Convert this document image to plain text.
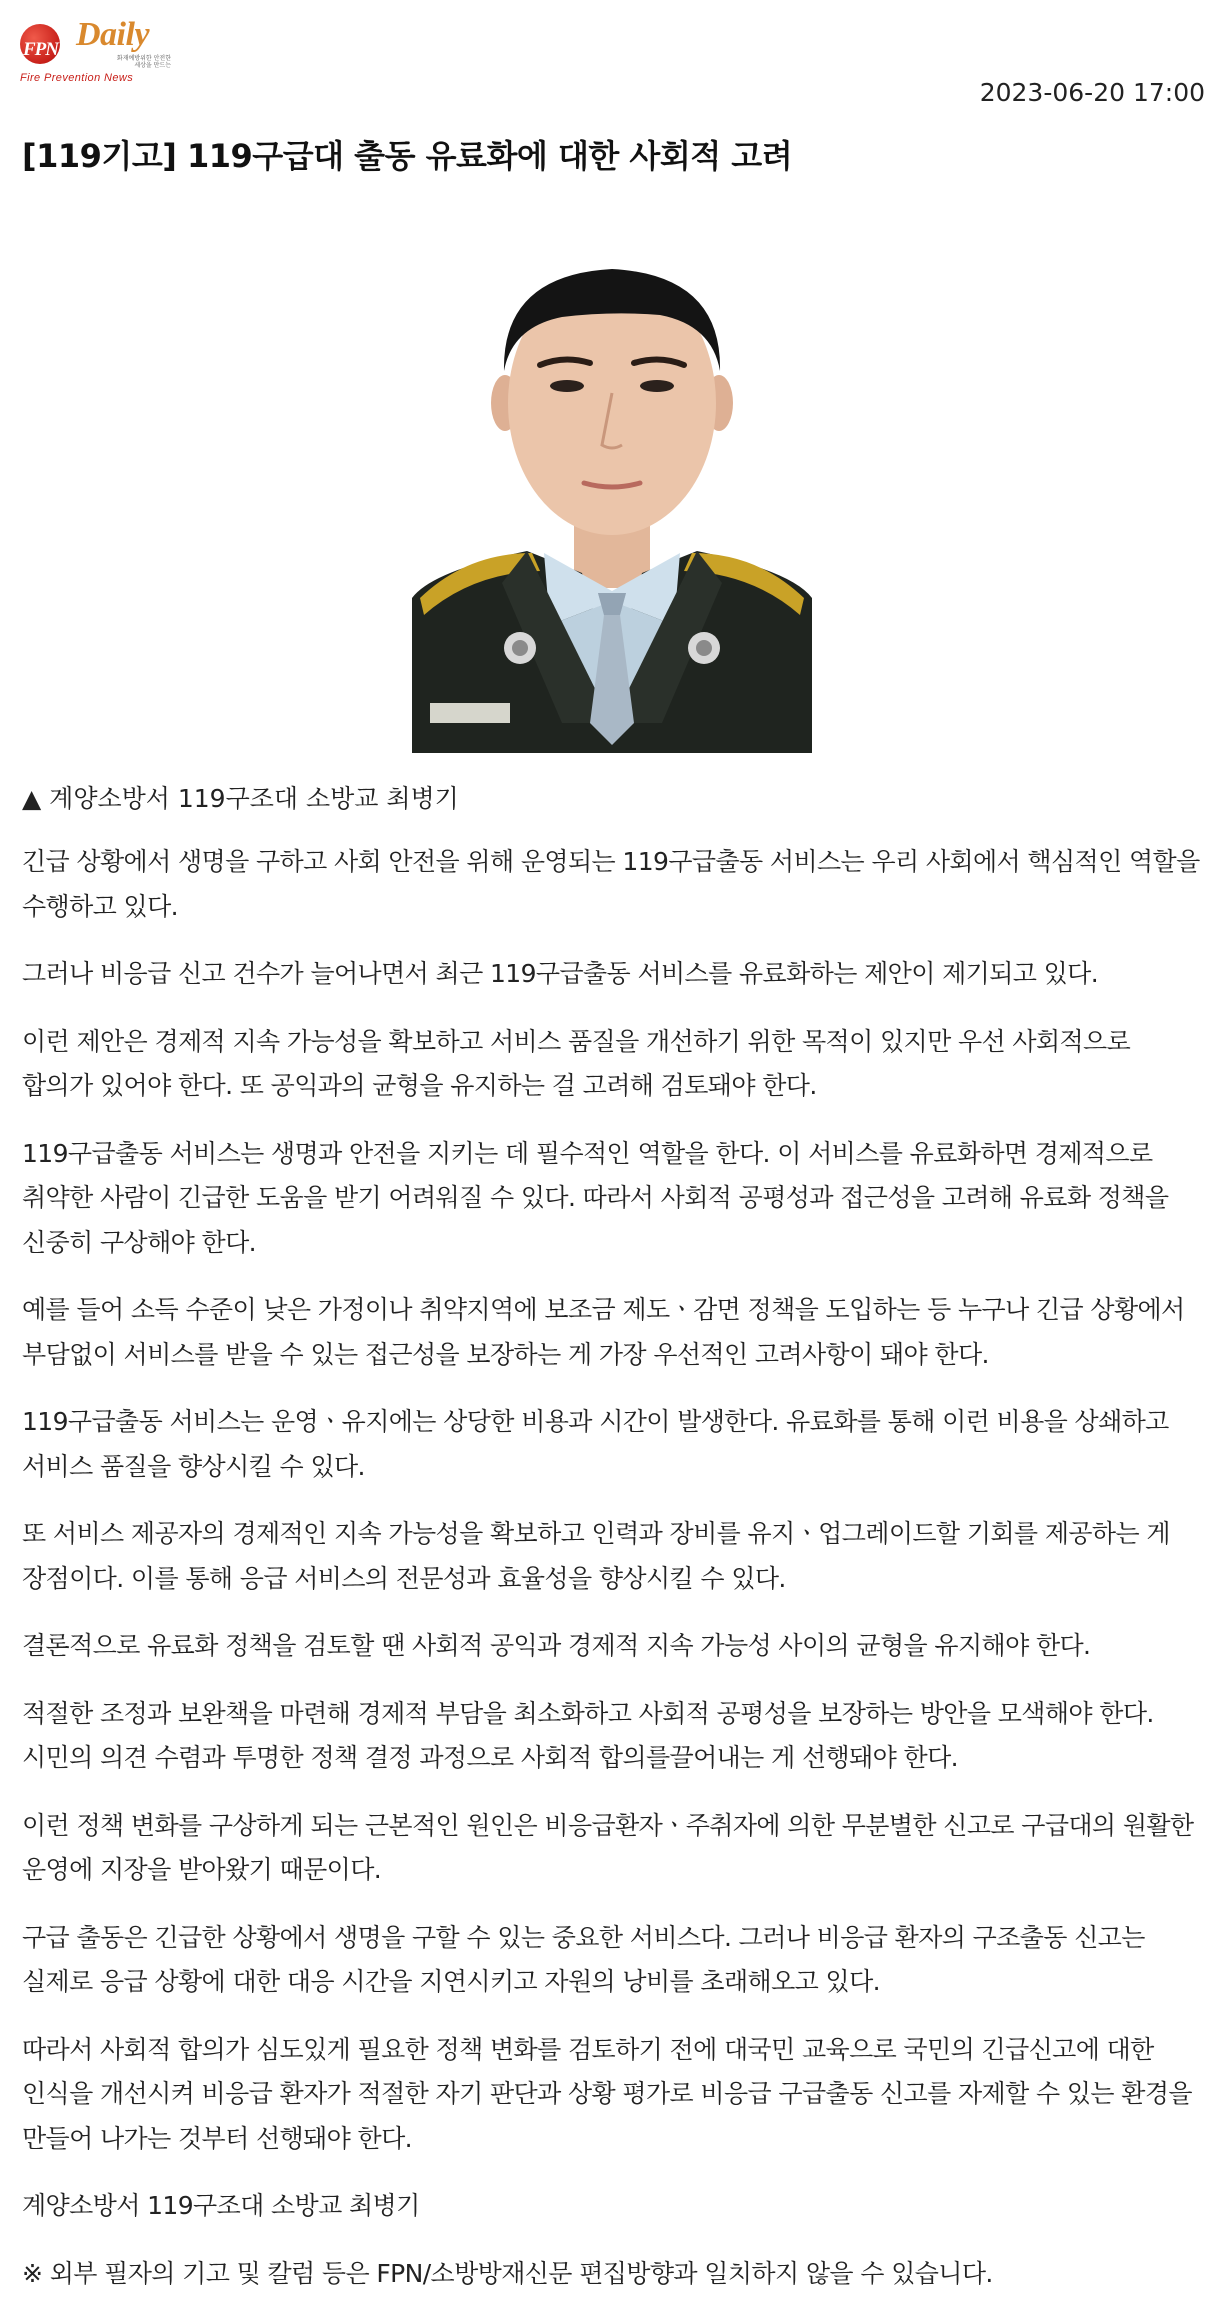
FPN Daily
화재예방위한 안전한
세상을 만드는
Fire Prevention News	2023-06-20 17:00
[119기고] 119구급대 출동 유료화에 대한 사회적 고려
▲ 계양소방서 119구조대 소방교 최병기

긴급 상황에서 생명을 구하고 사회 안전을 위해 운영되는 119구급출동 서비스는 우리 사회에서 핵심적인 역할을 수행하고 있다.

그러나 비응급 신고 건수가 늘어나면서 최근 119구급출동 서비스를 유료화하는 제안이 제기되고 있다.

이런 제안은 경제적 지속 가능성을 확보하고 서비스 품질을 개선하기 위한 목적이 있지만 우선 사회적으로 합의가 있어야 한다. 또 공익과의 균형을 유지하는 걸 고려해 검토돼야 한다.

119구급출동 서비스는 생명과 안전을 지키는 데 필수적인 역할을 한다. 이 서비스를 유료화하면 경제적으로 취약한 사람이 긴급한 도움을 받기 어려워질 수 있다. 따라서 사회적 공평성과 접근성을 고려해 유료화 정책을 신중히 구상해야 한다.

예를 들어 소득 수준이 낮은 가정이나 취약지역에 보조금 제도ㆍ감면 정책을 도입하는 등 누구나 긴급 상황에서 부담없이 서비스를 받을 수 있는 접근성을 보장하는 게 가장 우선적인 고려사항이 돼야 한다.

119구급출동 서비스는 운영ㆍ유지에는 상당한 비용과 시간이 발생한다. 유료화를 통해 이런 비용을 상쇄하고 서비스 품질을 향상시킬 수 있다.

또 서비스 제공자의 경제적인 지속 가능성을 확보하고 인력과 장비를 유지ㆍ업그레이드할 기회를 제공하는 게 장점이다. 이를 통해 응급 서비스의 전문성과 효율성을 향상시킬 수 있다.

결론적으로 유료화 정책을 검토할 땐 사회적 공익과 경제적 지속 가능성 사이의 균형을 유지해야 한다.

적절한 조정과 보완책을 마련해 경제적 부담을 최소화하고 사회적 공평성을 보장하는 방안을 모색해야 한다. 시민의 의견 수렴과 투명한 정책 결정 과정으로 사회적 합의를끌어내는 게 선행돼야 한다.

이런 정책 변화를 구상하게 되는 근본적인 원인은 비응급환자ㆍ주취자에 의한 무분별한 신고로 구급대의 원활한 운영에 지장을 받아왔기 때문이다.

구급 출동은 긴급한 상황에서 생명을 구할 수 있는 중요한 서비스다. 그러나 비응급 환자의 구조출동 신고는 실제로 응급 상황에 대한 대응 시간을 지연시키고 자원의 낭비를 초래해오고 있다.

따라서 사회적 합의가 심도있게 필요한 정책 변화를 검토하기 전에 대국민 교육으로 국민의 긴급신고에 대한 인식을 개선시켜 비응급 환자가 적절한 자기 판단과 상황 평가로 비응급 구급출동 신고를 자제할 수 있는 환경을 만들어 나가는 것부터 선행돼야 한다.

계양소방서 119구조대 소방교 최병기

※ 외부 필자의 기고 및 칼럼 등은 FPN/소방방재신문 편집방향과 일치하지 않을 수 있습니다.
